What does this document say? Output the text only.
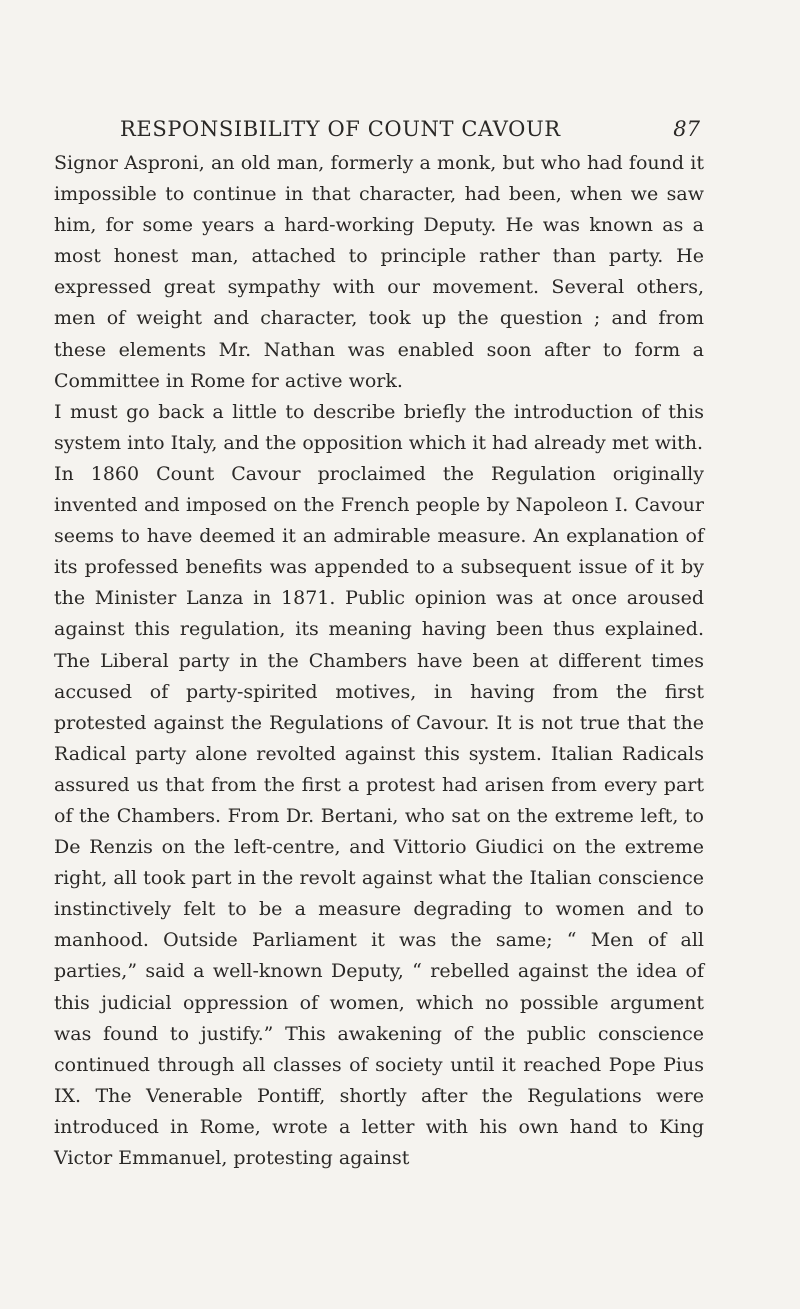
RESPONSIBILITY OF COUNT CAVOUR	87

Signor Asproni, an old man, formerly a monk, but who had found it impossible to continue in that character, had been, when we saw him, for some years a hard-working Deputy. He was known as a most honest man, attached to principle rather than party. He expressed great sympathy with our movement. Several others, men of weight and character, took up the question ; and from these elements Mr. Nathan was enabled soon after to form a Committee in Rome for active work.

I must go back a little to describe briefly the introduction of this system into Italy, and the opposition which it had already met with.

In 1860 Count Cavour proclaimed the Regulation originally invented and imposed on the French people by Napoleon I. Cavour seems to have deemed it an admirable measure. An explanation of its professed benefits was appended to a subsequent issue of it by the Minister Lanza in 1871. Public opinion was at once aroused against this regulation, its meaning having been thus explained. The Liberal party in the Chambers have been at different times accused of party-spirited motives, in having from the first protested against the Regulations of Cavour. It is not true that the Radical party alone revolted against this system. Italian Radicals assured us that from the first a protest had arisen from every part of the Chambers. From Dr. Bertani, who sat on the extreme left, to De Renzis on the left-centre, and Vittorio Giudici on the extreme right, all took part in the revolt against what the Italian conscience instinctively felt to be a measure degrading to women and to manhood. Outside Parliament it was the same; “ Men of all parties,” said a well-known Deputy, “ rebelled against the idea of this judicial oppression of women, which no possible argument was found to justify.” This awakening of the public conscience continued through all classes of society until it reached Pope Pius IX. The Venerable Pontiff, shortly after the Regulations were introduced in Rome, wrote a letter with his own hand to King Victor Emmanuel, protesting against
